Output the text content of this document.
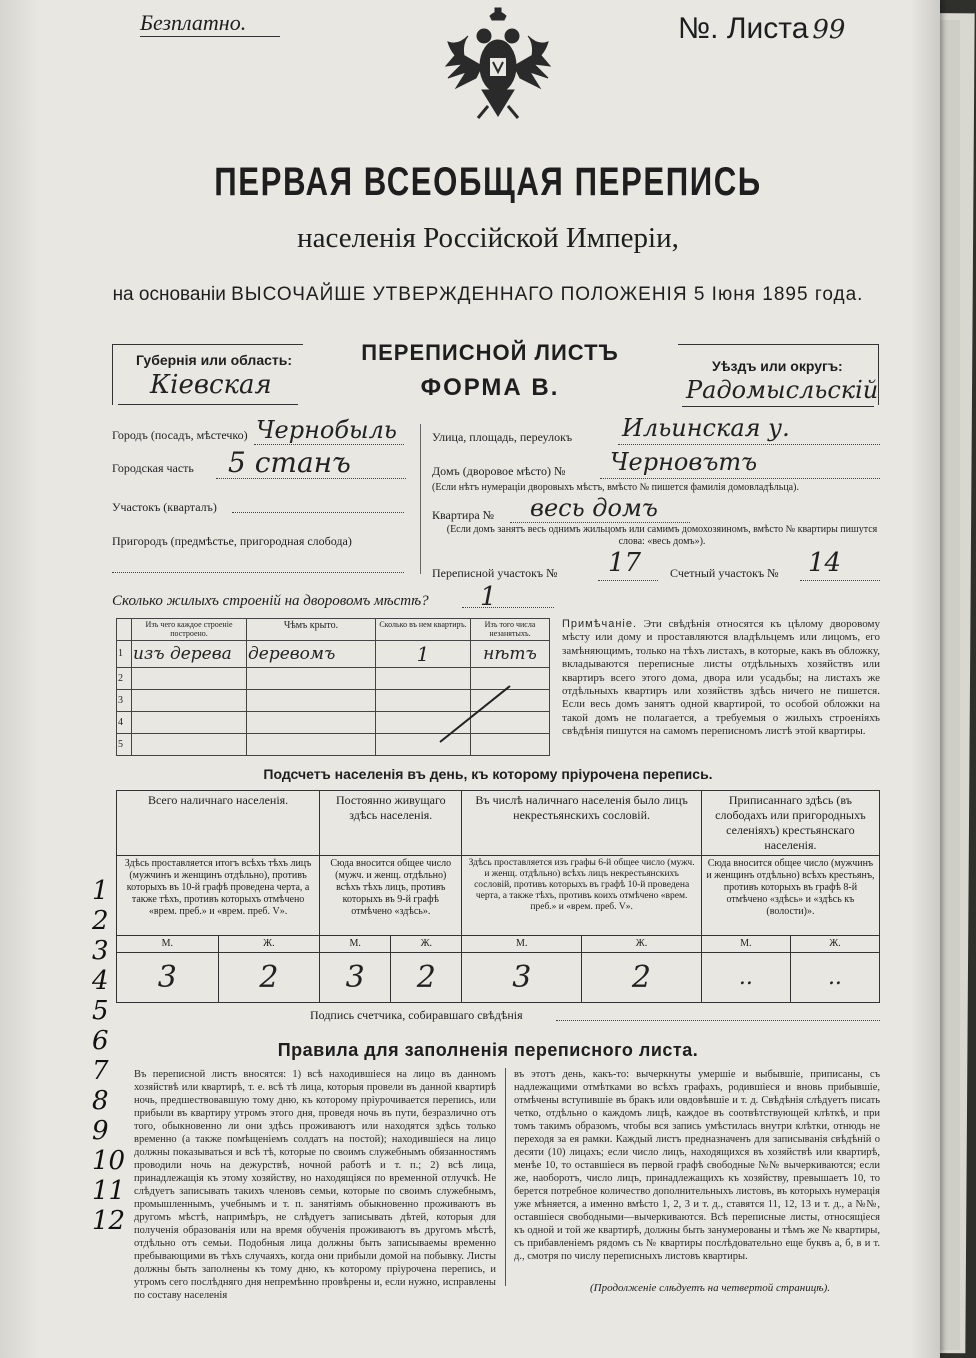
Безплатно.	№. Листа 99
ПЕРВАЯ ВСЕОБЩАЯ ПЕРЕПИСЬ
населенія Россійской Имперіи,
на основаніи ВЫСОЧАЙШЕ УТВЕРЖДЕННАГО ПОЛОЖЕНІЯ 5 Іюня 1895 года.
Губернія или область:
Кіевская
ПЕРЕПИСНОЙ ЛИСТЪ
ФОРМА В.
Уѣздъ или округъ:
Радомысльскій
Городъ (посадъ, мѣстечко) Чернобыль
Городская часть 5 станъ
Участокъ (кварталъ)
Пригородъ (предмѣстье, пригородная слобода)
Улица, площадь, переулокъ Ильинская у.
Домъ (дворовое мѣсто) № Черновътъ
(Если нѣтъ нумераціи дворовыхъ мѣстъ, вмѣсто № пишется фамилія домовладѣльца).
Квартира № весь домъ
(Если домъ занятъ весь однимъ жильцомъ или самимъ домохозяиномъ, вмѣсто № квартиры пишутся слова: «весь домъ»).
Переписной участокъ № 17 Счетный участокъ № 14
Сколько жилыхъ строеній на дворовомъ мѣстѣ? 1
	Изъ чего каждое строеніе построено.	Чѣмъ крыто.	Сколько въ нем квартиръ.	Изъ того числа незанятыхъ.
1	изъ дерева	деревомъ	1	нѣтъ
2				
3				
4				
5				
Примѣчаніе. Эти свѣдѣнія относятся къ цѣлому дворовому мѣсту или дому и проставляются владѣльцемъ или лицомъ, его замѣняющимъ, только на тѣхъ листахъ, в которые, какъ въ обложку, вкладываются переписные листы отдѣльныхъ хозяйствъ или квартиръ всего этого дома, двора или усадьбы; на листахъ же отдѣльныхъ квартиръ или хозяйствъ здѣсь ничего не пишется. Если весь домъ занятъ одной квартирой, то особой обложки на такой домъ не полагается, а требуемыя о жилыхъ строеніяхъ свѣдѣнія пишутся на самомъ переписномъ листѣ этой квартиры.
Подсчетъ населенія въ день, къ которому пріурочена перепись.
Всего наличнаго населенія.		Постоянно живущаго здѣсь населенія.		Въ числѣ наличнаго населенія было лицъ некрестьянскихъ сословій.		Приписаннаго здѣсь (въ слободахъ или пригородныхъ селеніяхъ) крестьянскаго населенія.	
Здѣсь проставляется итогъ всѣхъ тѣхъ лицъ (мужчинъ и женщинъ отдѣльно), противъ которыхъ въ 10-й графѣ проведена черта, а также тѣхъ, противъ которыхъ отмѣчено «врем. преб.» и «врем. преб. V».		Сюда вносится общее число (мужч. и женщ. отдѣльно) всѣхъ тѣхъ лицъ, противъ которыхъ въ 9-й графѣ отмѣчено «здѣсь».		Здѣсь проставляется изъ графы 6-й общее число (мужч. и женщ. отдѣльно) всѣхъ лицъ некрестьянскихъ сословій, противъ которыхъ въ графѣ 10-й проведена черта, а также тѣхъ, противъ коихъ отмѣчено «врем. преб.» и «врем. преб. V».		Сюда вносится общее число (мужчинъ и женщинъ отдѣльно) всѣхъ крестьянъ, противъ которыхъ въ графѣ 8-й отмѣчено «здѣсь» и «здѣсь къ (волости)».	
М.	Ж.	М.	Ж.	М.	Ж.	М.	Ж.
3	2	3	2	3	2	..	..
Подпись счетчика, собиравшаго свѣдѣнія
Правила для заполненія переписного листа.
Въ переписной листъ вносятся: 1) всѣ находившіеся на лицо въ данномъ хозяйствѣ или квартирѣ, т. е. всѣ тѣ лица, которыя провели въ данной квартирѣ ночь, предшествовавшую тому дню, къ которому пріурочивается перепись, или прибыли въ квартиру утромъ этого дня, проведя ночь въ пути, безразлично отъ того, обыкновенно ли они здѣсь проживаютъ или находятся здѣсь только временно (а также помѣщеніемъ солдатъ на постой); находившіеся на лицо должны показываться и всѣ тѣ, которые по своимъ служебнымъ обязанностямъ проводили ночь на дежурствѣ, ночной работѣ и т. п.; 2) всѣ лица, принадлежащія къ этому хозяйству, но находящіяся по временной отлучкѣ. Не слѣдуетъ записывать такихъ членовъ семьи, которые по своимъ служебнымъ, промышленнымъ, учебнымъ и т. п. занятіямъ обыкновенно проживаютъ въ другомъ мѣстѣ, напримѣръ, не слѣдуетъ записывать дѣтей, которыя для полученія образованія или на время обученія проживаютъ въ другомъ мѣстѣ, отдѣльно отъ семьи. Подобныя лица должны быть записываемы временно пребывающими въ тѣхъ случаяхъ, когда они прибыли домой на побывку. Листы должны быть заполнены къ тому дню, къ которому пріурочена перепись, и утромъ сего послѣдняго дня непремѣнно провѣрены и, если нужно, исправлены по составу населенія
въ этотъ день, какъ-то: вычеркнуты умершіе и выбывшіе, приписаны, съ надлежащими отмѣтками во всѣхъ графахъ, родившіеся и вновь прибывшіе, отмѣчены вступившіе въ бракъ или овдовѣвшіе и т. д. Свѣдѣнія слѣдуетъ писать четко, отдѣльно о каждомъ лицѣ, каждое въ соотвѣтствующей клѣткѣ, и при томъ такимъ образомъ, чтобы вся запись умѣстилась внутри клѣтки, отнюдь не переходя за ея рамки. Каждый листъ предназначенъ для записыванія свѣдѣній о десяти (10) лицахъ; если число лицъ, находящихся въ хозяйствѣ или квартирѣ, менѣе 10, то оставшіеся въ первой графѣ свободные №№ вычеркиваются; если же, наоборотъ, число лицъ, принадлежащихъ къ хозяйству, превышаетъ 10, то берется потребное количество дополнительныхъ листовъ, въ которыхъ нумерація уже мѣняется, а именно вмѣсто 1, 2, 3 и т. д., ставятся 11, 12, 13 и т. д., а №№, оставшіеся свободными—вычеркиваются. Всѣ переписные листы, относящіеся къ одной и той же квартирѣ, должны быть занумерованы и тѣмъ же № квартиры, съ прибавленіемъ рядомъ съ № квартиры послѣдовательно еще буквъ а, б, в и т. д., смотря по числу переписныхъ листовъ квартиры.
(Продолженіе слѣдуетъ на четвертой страницѣ).
1
2
3
4
5
6
7
8
9
10
11
12
